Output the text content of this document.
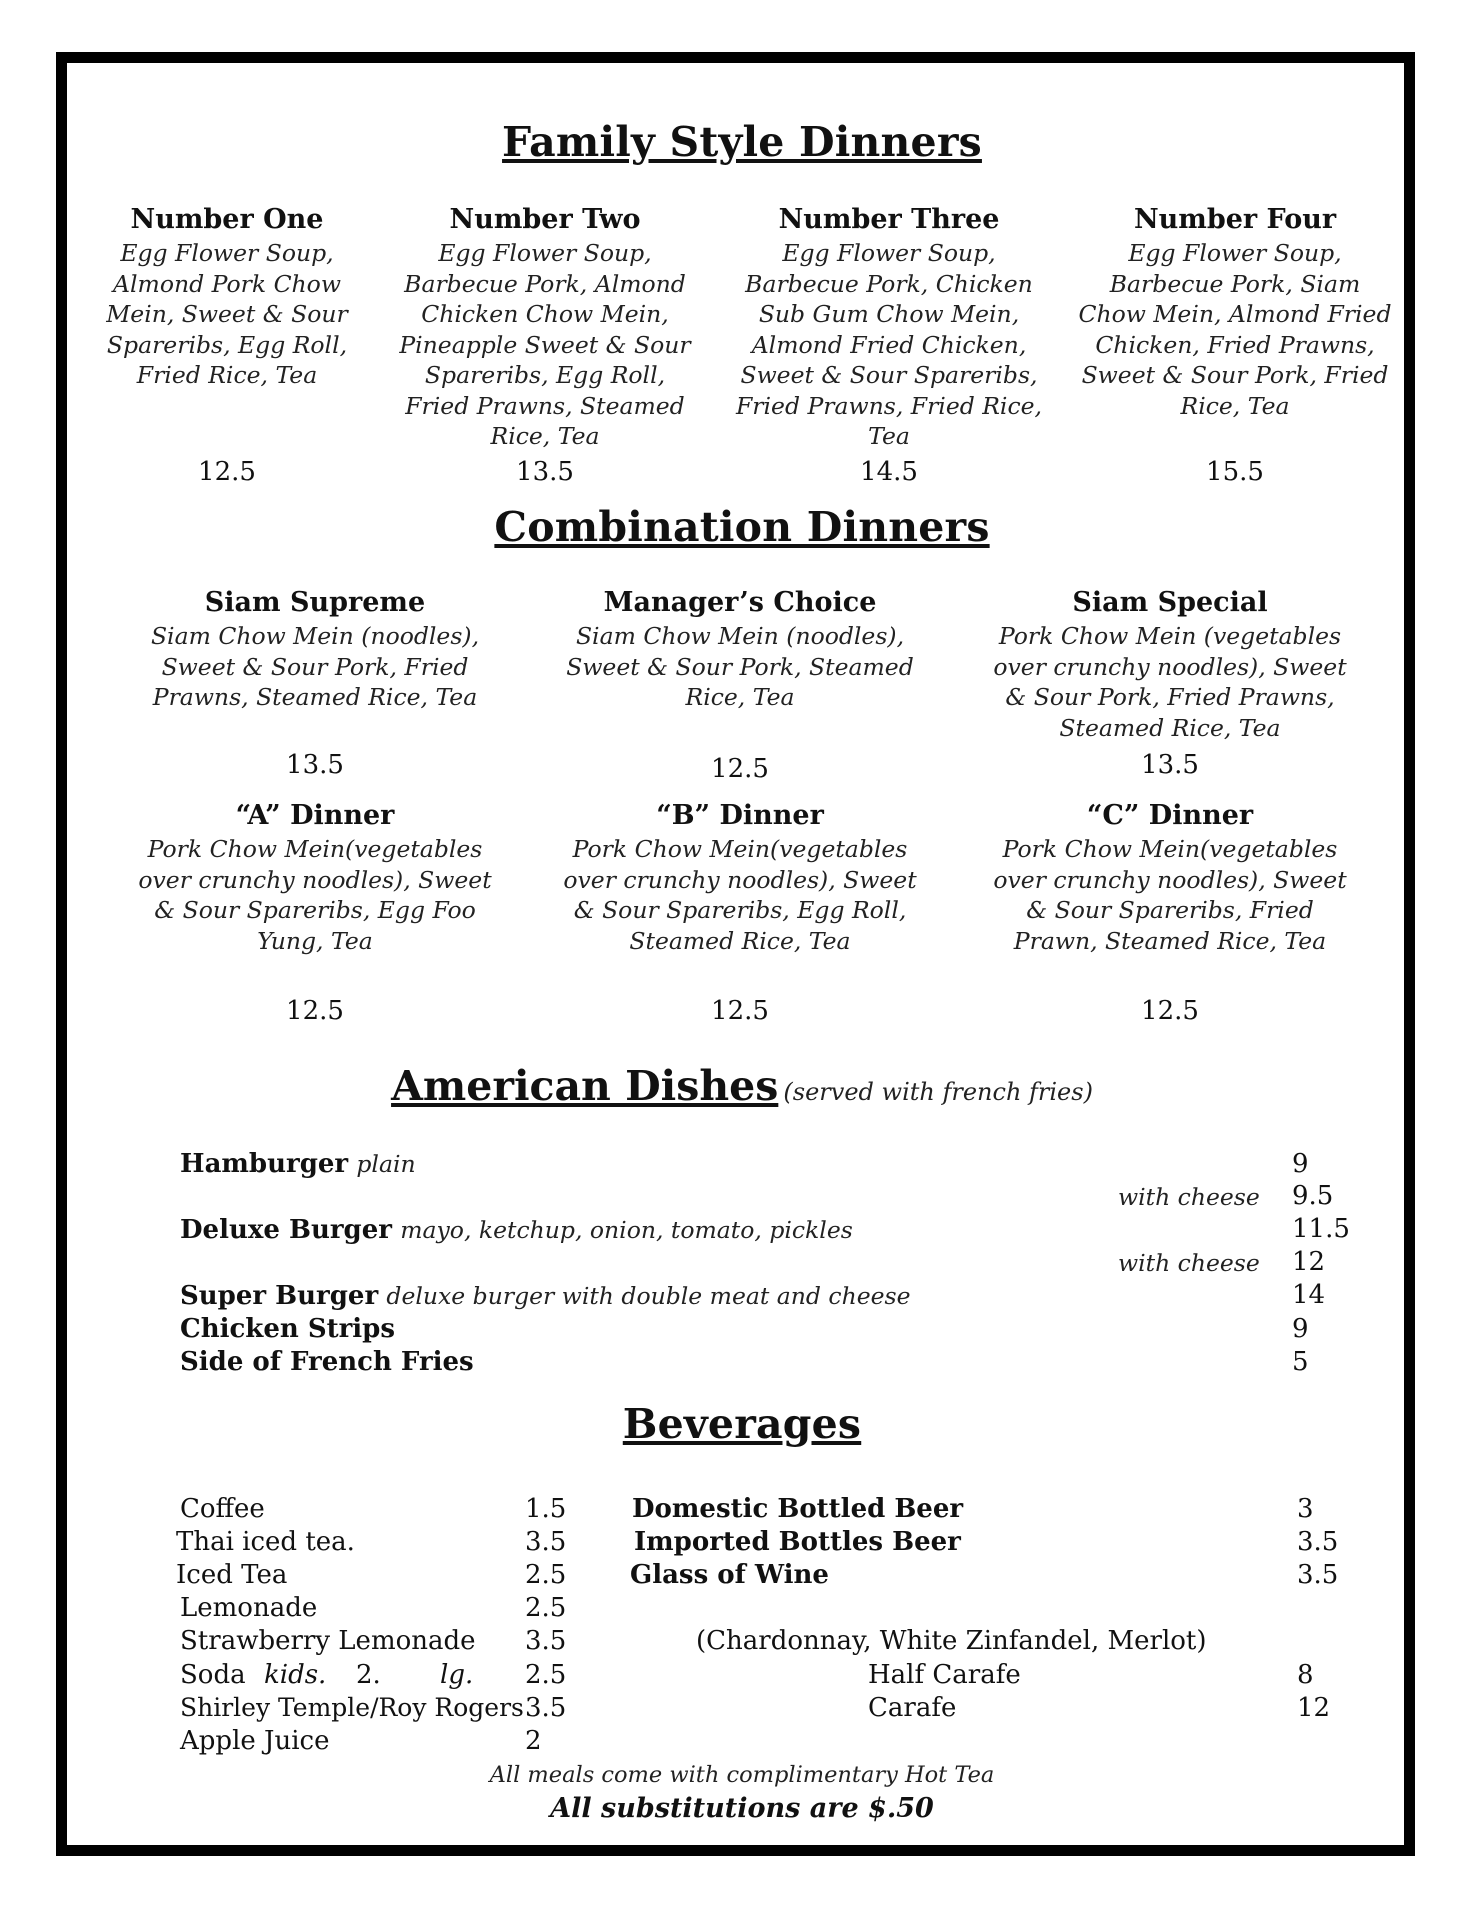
Family Style Dinners
Number One
Egg Flower Soup, Almond Pork Chow Mein, Sweet & Sour Spareribs, Egg Roll, Fried Rice, Tea
Number Two
Egg Flower Soup, Barbecue Pork, Almond Chicken Chow Mein, Pineapple Sweet & Sour Spareribs, Egg Roll, Fried Prawns, Steamed Rice, Tea
Number Three
Egg Flower Soup, Barbecue Pork, Chicken Sub Gum Chow Mein, Almond Fried Chicken, Sweet & Sour Spareribs, Fried Prawns, Fried Rice, Tea
Number Four
Egg Flower Soup, Barbecue Pork, Siam Chow Mein, Almond Fried Chicken, Fried Prawns, Sweet & Sour Pork, Fried Rice, Tea
12.5	13.5	14.5	15.5
Combination Dinners
Siam Supreme
Siam Chow Mein (noodles), Sweet & Sour Pork, Fried Prawns, Steamed Rice, Tea
Manager’s Choice
Siam Chow Mein (noodles), Sweet & Sour Pork, Steamed Rice, Tea
Siam Special
Pork Chow Mein (vegetables over crunchy noodles), Sweet & Sour Pork, Fried Prawns, Steamed Rice, Tea
13.5	12.5	13.5
“A” Dinner
Pork Chow Mein(vegetables over crunchy noodles), Sweet & Sour Spareribs, Egg Foo Yung, Tea
“B” Dinner
Pork Chow Mein(vegetables over crunchy noodles), Sweet & Sour Spareribs, Egg Roll, Steamed Rice, Tea
“C” Dinner
Pork Chow Mein(vegetables over crunchy noodles), Sweet & Sour Spareribs, Fried Prawn, Steamed Rice, Tea
12.5	12.5	12.5
American Dishes (served with french fries)
Hamburger plain	9
with cheese 9.5
Deluxe Burger mayo, ketchup, onion, tomato, pickles	11.5
with cheese 12
Super Burger deluxe burger with double meat and cheese	14
Chicken Strips	9
Side of French Fries	5
Beverages
Coffee	1.5
Thai iced tea.	3.5
Iced Tea	2.5
Lemonade	2.5
Strawberry Lemonade 3.5
Soda kids. 2. lg. 2.5
Shirley Temple/Roy Rogers 3.5
Apple Juice	2
Domestic Bottled Beer	3
Imported Bottles Beer	3.5
Glass of Wine	3.5
(Chardonnay, White Zinfandel, Merlot)
Half Carafe	8
Carafe	12
All meals come with complimentary Hot Tea
All substitutions are $.50
